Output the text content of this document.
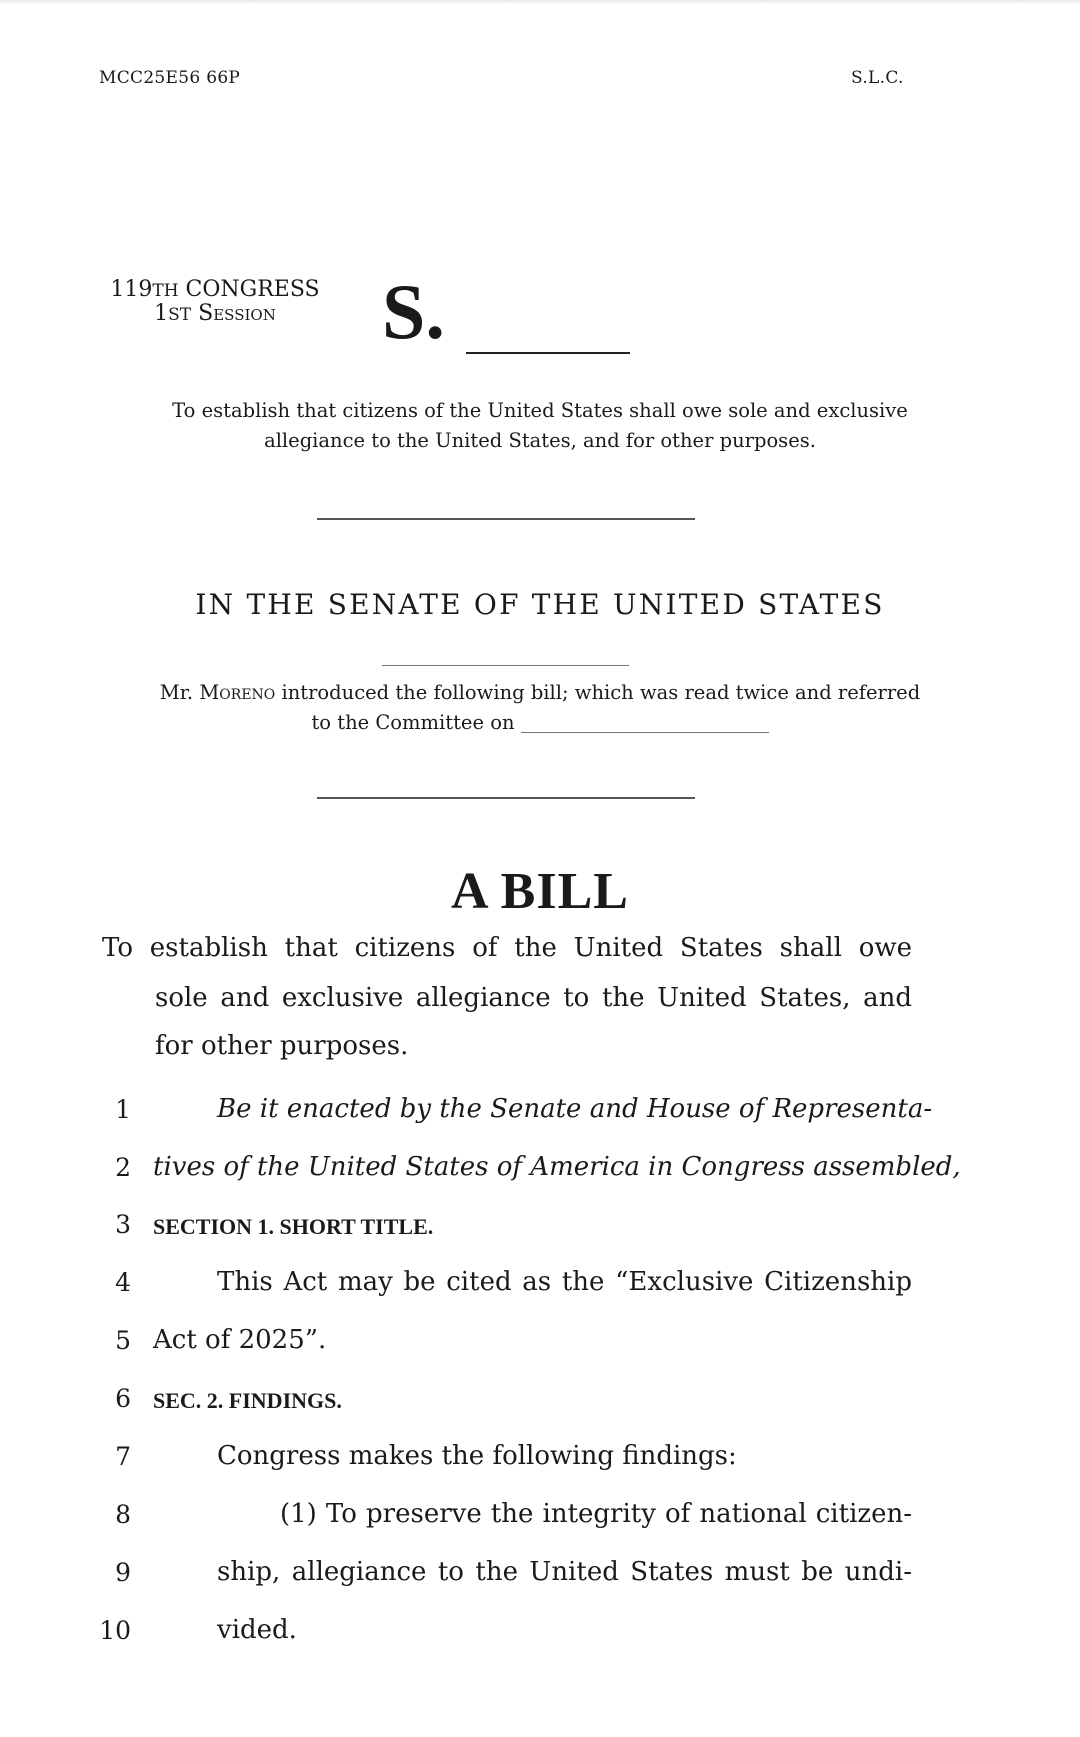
MCC25E56 66P	S.L.C.
119TH CONGRESS
1ST Session	S.
To establish that citizens of the United States shall owe sole and exclusive
allegiance to the United States, and for other purposes.
IN THE SENATE OF THE UNITED STATES
Mr. Moreno introduced the following bill; which was read twice and referred
to the Committee on
A BILL
To establish that citizens of the United States shall owe
sole and exclusive allegiance to the United States, and
for other purposes.
1	Be it enacted by the Senate and House of Representa-
2 tives of the United States of America in Congress assembled,
3 SECTION 1. SHORT TITLE.
4	This Act may be cited as the “Exclusive Citizenship
5 Act of 2025”.
6 SEC. 2. FINDINGS.
7	Congress makes the following findings:
8	(1) To preserve the integrity of national citizen-
9	ship, allegiance to the United States must be undi-
10	vided.
